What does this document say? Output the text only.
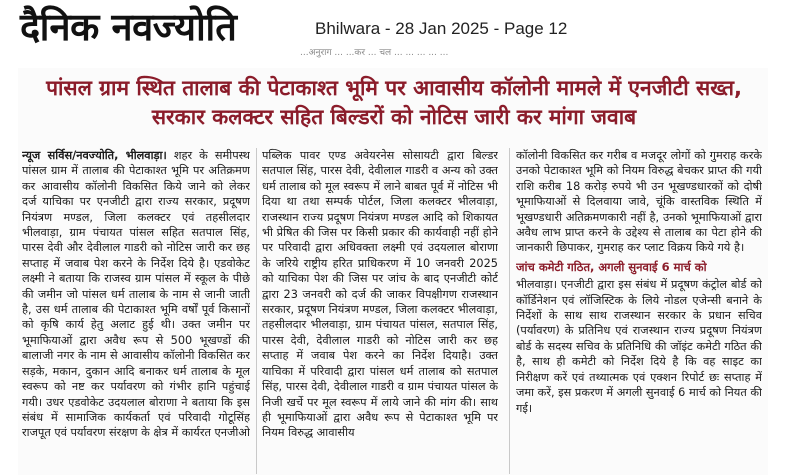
दैनिक नवज्योति	Bhilwara - 28 Jan 2025 - Page 12
...अनुराग ... ...कर ... चल ... ... ... ... ...
पांसल ग्राम स्थित तालाब की पेटाकाश्त भूमि पर आवासीय कॉलोनी मामले में एनजीटी सख्त, सरकार कलक्टर सहित बिल्डरों को नोटिस जारी कर मांगा जवाब

न्यूज सर्विस/नवज्योति, भीलवाड़ा। शहर के समीपस्थ पांसल ग्राम में तालाब की पेटाकाश्त भूमि पर अतिक्रमण कर आवासीय कॉलोनी विकसित किये जाने को लेकर दर्ज याचिका पर एनजीटी द्वारा राज्य सरकार, प्रदूषण नियंत्रण मण्डल, जिला कलक्टर एवं तहसीलदार भीलवाड़ा, ग्राम पंचायत पांसल सहित सतपाल सिंह, पारस देवी और देवीलाल गाडरी को नोटिस जारी कर छह सप्ताह में जवाब पेश करने के निर्देश दिये है। एडवोकेट लक्ष्मी ने बताया कि राजस्व ग्राम पांसल में स्कूल के पीछे की जमीन जो पांसल धर्म तालाब के नाम से जानी जाती है, उस धर्म तालाब की पेटाकाश्त भूमि वर्षों पूर्व किसानों को कृषि कार्य हेतु अलाट हुई थी। उक्त जमीन पर भूमाफियाओं द्वारा अवैध रूप से 500 भूखण्डों की बालाजी नगर के नाम से आवासीय कॉलोनी विकसित कर सड़के, मकान, दुकान आदि बनाकर धर्म तालाब के मूल स्वरूप को नष्ट कर पर्यावरण को गंभीर हानि पहुंचाई गयी। उधर एडवोकेट उदयलाल बोराणा ने बताया कि इस संबंध में सामाजिक कार्यकर्ता एवं परिवादी गोटूसिंह राजपूत एवं पर्यावरण संरक्षण के क्षेत्र में कार्यरत एनजीओ

पब्लिक पावर एण्ड अवेयरनेस सोसायटी द्वारा बिल्डर सतपाल सिंह, पारस देवी, देवीलाल गाडरी व अन्य को उक्त धर्म तालाब को मूल स्वरूप में लाने बाबत पूर्व में नोटिस भी दिया था तथा सम्पर्क पोर्टल, जिला कलक्टर भीलवाड़ा, राजस्थान राज्य प्रदूषण नियंत्रण मण्डल आदि को शिकायत भी प्रेषित की जिस पर किसी प्रकार की कार्यवाही नहीं होने पर परिवादी द्वारा अधिवक्ता लक्ष्मी एवं उदयलाल बोराणा के जरिये राष्ट्रीय हरित प्राधिकरण में 10 जनवरी 2025 को याचिका पेश की जिस पर जांच के बाद एनजीटी कोर्ट द्वारा 23 जनवरी को दर्ज की जाकर विपक्षीगण राजस्थान सरकार, प्रदूषण नियंत्रण मण्डल, जिला कलक्टर भीलवाड़ा, तहसीलदार भीलवाड़ा, ग्राम पंचायत पांसल, सतपाल सिंह, पारस देवी, देवीलाल गाडरी को नोटिस जारी कर छह सप्ताह में जवाब पेश करने का निर्देश दियाहै। उक्त याचिका में परिवादी द्वारा पांसल धर्म तालाब को सतपाल सिंह, पारस देवी, देवीलाल गाडरी व ग्राम पंचायत पांसल के निजी खर्चे पर मूल स्वरूप में लाये जाने की मांग की। साथ ही भूमाफियाओं द्वारा अवैध रूप से पेटाकाश्त भूमि पर नियम विरुद्ध आवासीय

कॉलोनी विकसित कर गरीब व मजदूर लोगों को गुमराह करके उनको पेटाकाश्त भूमि को नियम विरुद्ध बेचकर प्राप्त की गयी राशि करीब 18 करोड़ रुपये भी उन भूखण्डधारकों को दोषी भूमाफियाओं से दिलवाया जावे, चूंकि वास्तविक स्थिति में भूखण्डधारी अतिक्रमणकारी नहीं है, उनको भूमाफियाओं द्वारा अवैध लाभ प्राप्त करने के उद्देश्य से तालाब का पेटा होने की जानकारी छिपाकर, गुमराह कर प्लाट विक्रय किये गये है।

जांच कमेटी गठित, अगली सुनवाई 6 मार्च को

भीलवाड़ा। एनजीटी द्वारा इस संबंध में प्रदूषण कंट्रोल बोर्ड को कॉर्डिनेशन एवं लॉजिस्टिक के लिये नोडल एजेन्सी बनाने के निर्देशों के साथ साथ राजस्थान सरकार के प्रधान सचिव (पर्यावरण) के प्रतिनिध एवं राजस्थान राज्य प्रदूषण नियंत्रण बोर्ड के सदस्य सचिव के प्रतिनिधि की जॉइंट कमेटी गठित की है, साथ ही कमेटी को निर्देश दिये है कि वह साइट का निरीक्षण करें एवं तथ्यात्मक एवं एक्शन रिपोर्ट छः सप्ताह में जमा करें, इस प्रकरण में अगली सुनवाई 6 मार्च को नियत की गई।
